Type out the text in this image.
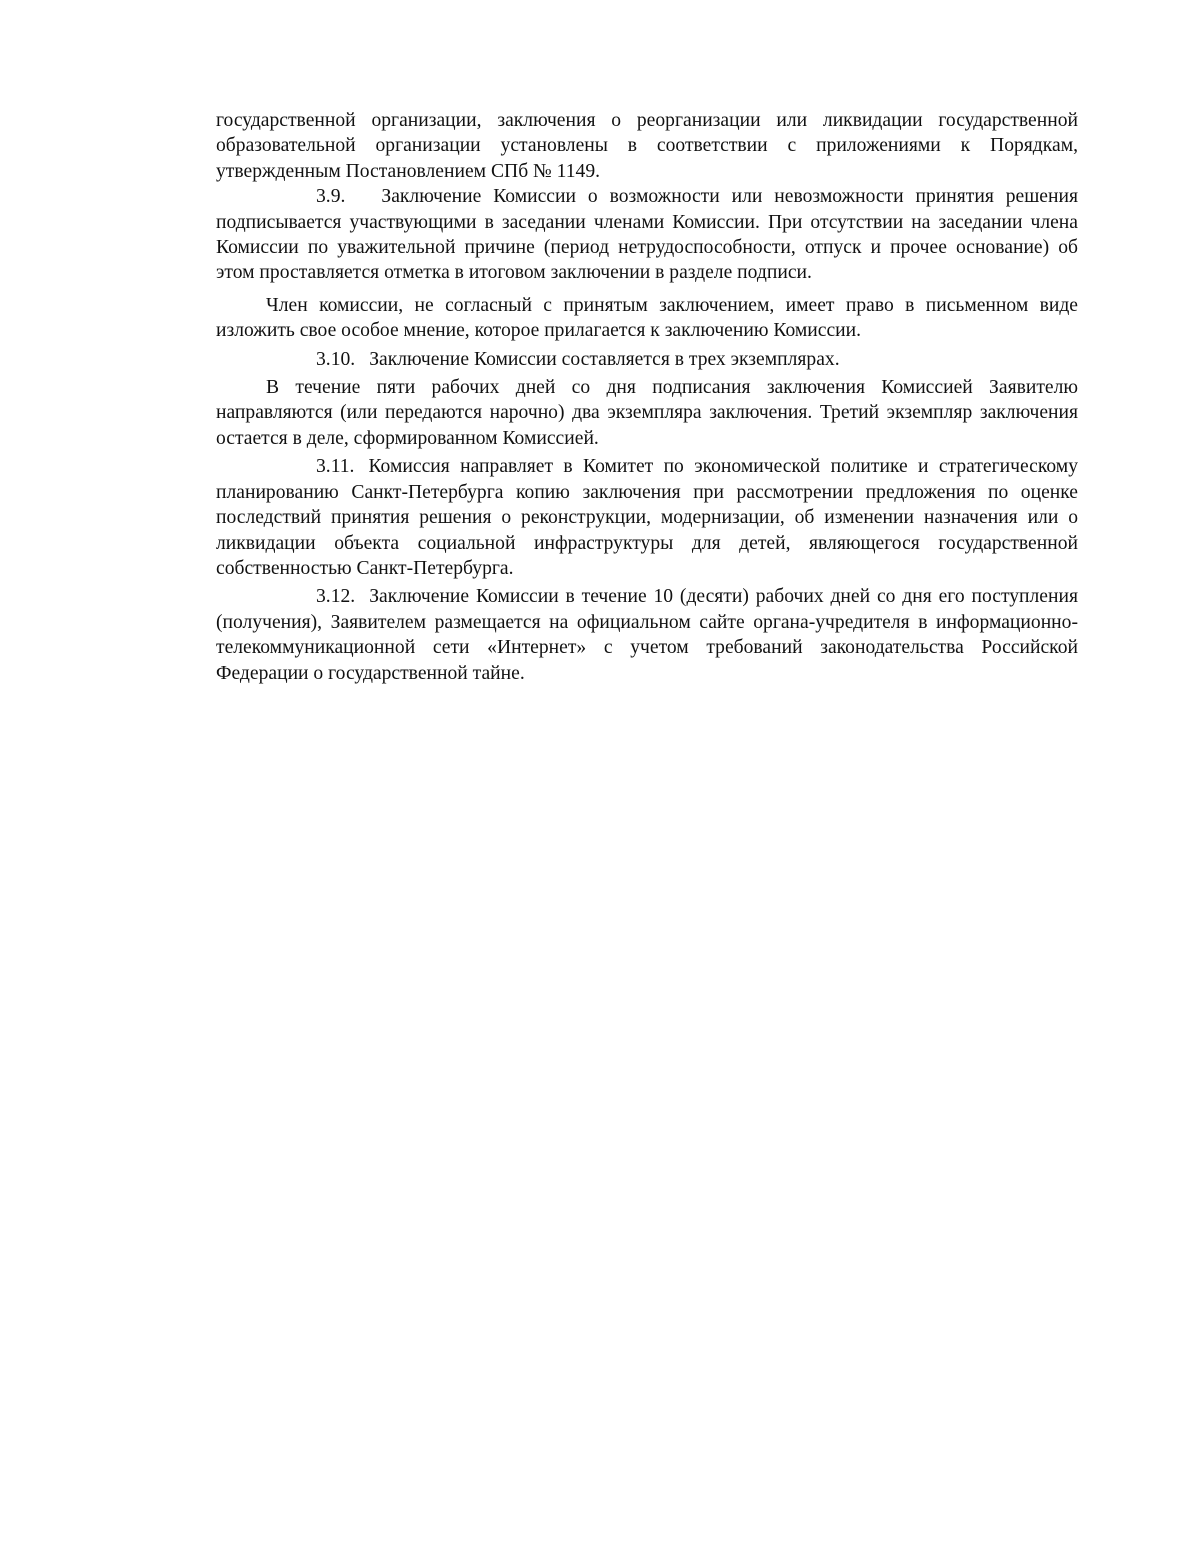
государственной организации, заключения о реорганизации или ликвидации государственной образовательной организации установлены в соответствии с приложениями к Порядкам, утвержденным Постановлением СПб № 1149.

3.9. Заключение Комиссии о возможности или невозможности принятия решения подписывается участвующими в заседании членами Комиссии. При отсутствии на заседании члена Комиссии по уважительной причине (период нетрудоспособности, отпуск и прочее основание) об этом проставляется отметка в итоговом заключении в разделе подписи.

Член комиссии, не согласный с принятым заключением, имеет право в письменном виде изложить свое особое мнение, которое прилагается к заключению Комиссии.

3.10. Заключение Комиссии составляется в трех экземплярах.

В течение пяти рабочих дней со дня подписания заключения Комиссией Заявителю направляются (или передаются нарочно) два экземпляра заключения. Третий экземпляр заключения остается в деле, сформированном Комиссией.

3.11. Комиссия направляет в Комитет по экономической политике и стратегическому планированию Санкт-Петербурга копию заключения при рассмотрении предложения по оценке последствий принятия решения о реконструкции, модернизации, об изменении назначения или о ликвидации объекта социальной инфраструктуры для детей, являющегося государственной собственностью Санкт-Петербурга.

3.12. Заключение Комиссии в течение 10 (десяти) рабочих дней со дня его поступления (получения), Заявителем размещается на официальном сайте органа-учредителя в информационно-телекоммуникационной сети «Интернет» с учетом требований законодательства Российской Федерации о государственной тайне.
